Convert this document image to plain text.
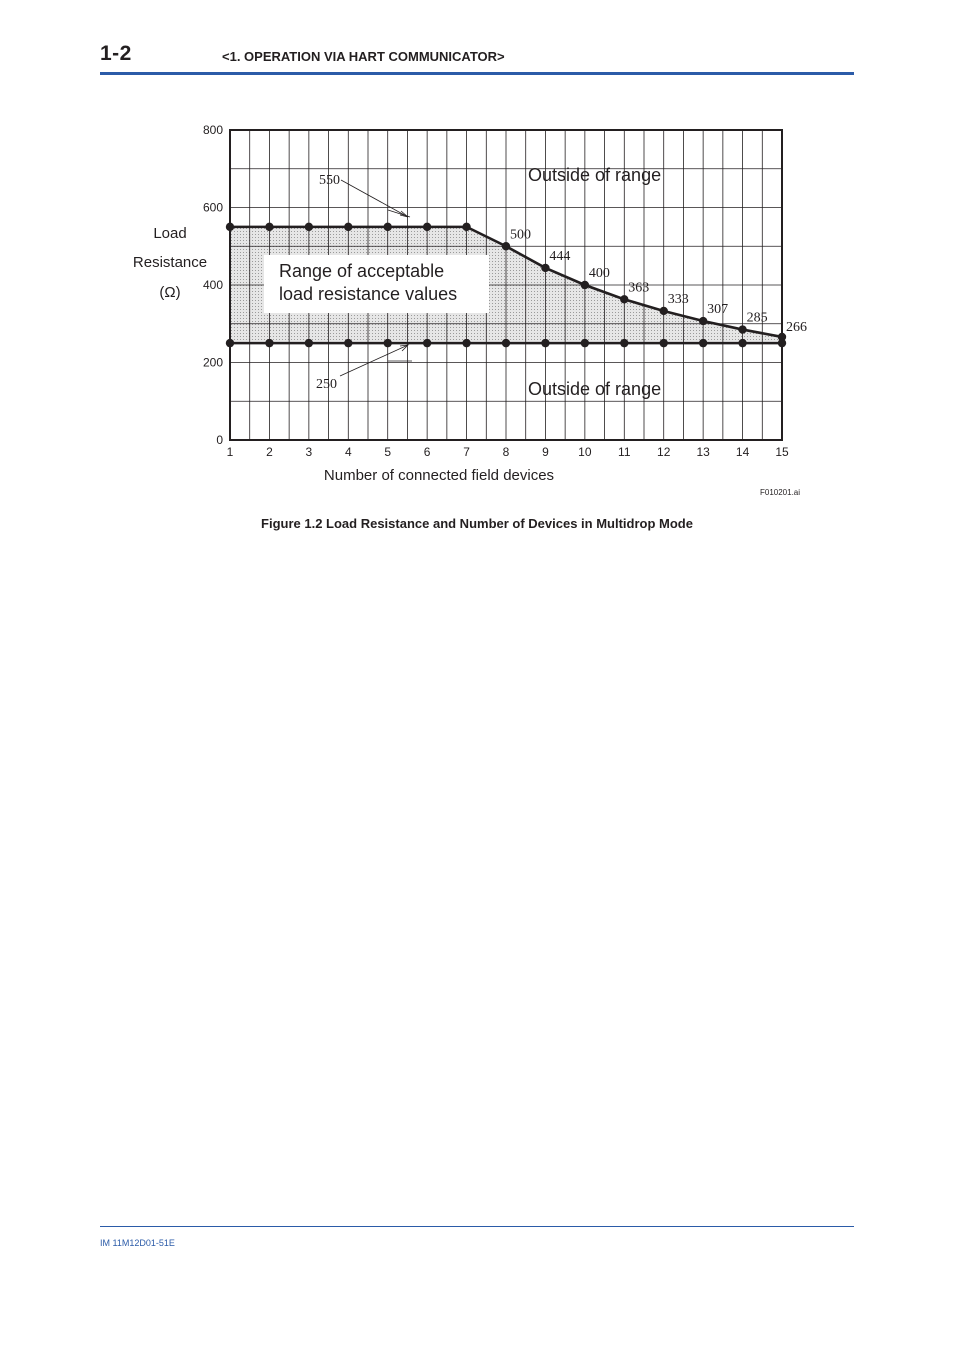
1-2	<1. OPERATION VIA HART COMMUNICATOR>
1	2	3	4	5	6	7	8	9 10 11 12 13 14 15
0
200
400
600
800
550
500
444
400
363
333
307
285
266
250
Range of acceptable
load resistance values
Outside of range
Outside of range
Load
Resistance
(Ω)
Number of connected field devices
F010201.ai
Figure 1.2 Load Resistance and Number of Devices in Multidrop Mode
IM 11M12D01-51E
